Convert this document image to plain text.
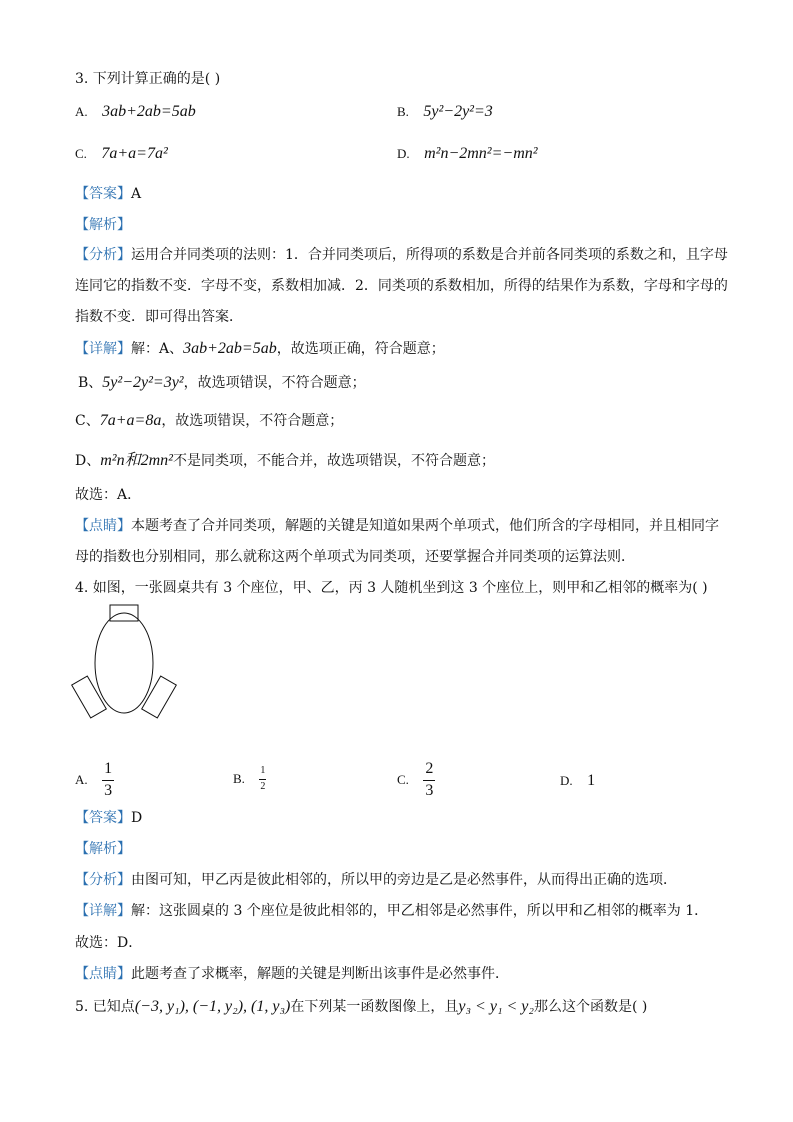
3. 下列计算正确的是( )
A. 3ab+2ab=5ab	B. 5y²−2y²=3
C. 7a+a=7a²	D. m²n−2mn²=−mn²
【答案】A
【解析】
【分析】运用合并同类项的法则：1．合并同类项后，所得项的系数是合并前各同类项的系数之和，且字母
连同它的指数不变．字母不变，系数相加减．2．同类项的系数相加，所得的结果作为系数，字母和字母的
指数不变．即可得出答案．
【详解】解：A、3ab+2ab=5ab，故选项正确，符合题意；
B、5y²−2y²=3y²，故选项错误，不符合题意；
C、7a+a=8a，故选项错误，不符合题意；
D、m²n和2mn²不是同类项，不能合并，故选项错误，不符合题意；
故选：A．
【点睛】本题考查了合并同类项，解题的关键是知道如果两个单项式，他们所含的字母相同，并且相同字
母的指数也分别相同，那么就称这两个单项式为同类项，还要掌握合并同类项的运算法则．
4. 如图，一张圆桌共有 3 个座位，甲、乙，丙 3 人随机坐到这 3 个座位上，则甲和乙相邻的概率为( )
A. $\frac{1}{3}$	B. $\frac{1}{2}$	C. $\frac{2}{3}$	D. 1
【答案】D
【解析】
【分析】由图可知，甲乙丙是彼此相邻的，所以甲的旁边是乙是必然事件，从而得出正确的选项．
【详解】解：这张圆桌的 3 个座位是彼此相邻的，甲乙相邻是必然事件，所以甲和乙相邻的概率为 1．
故选：D．
【点睛】此题考查了求概率，解题的关键是判断出该事件是必然事件．
5. 已知点(−3, y₁), (−1, y₂), (1, y₃)在下列某一函数图像上，且y₃ < y₁ < y₂那么这个函数是( )
